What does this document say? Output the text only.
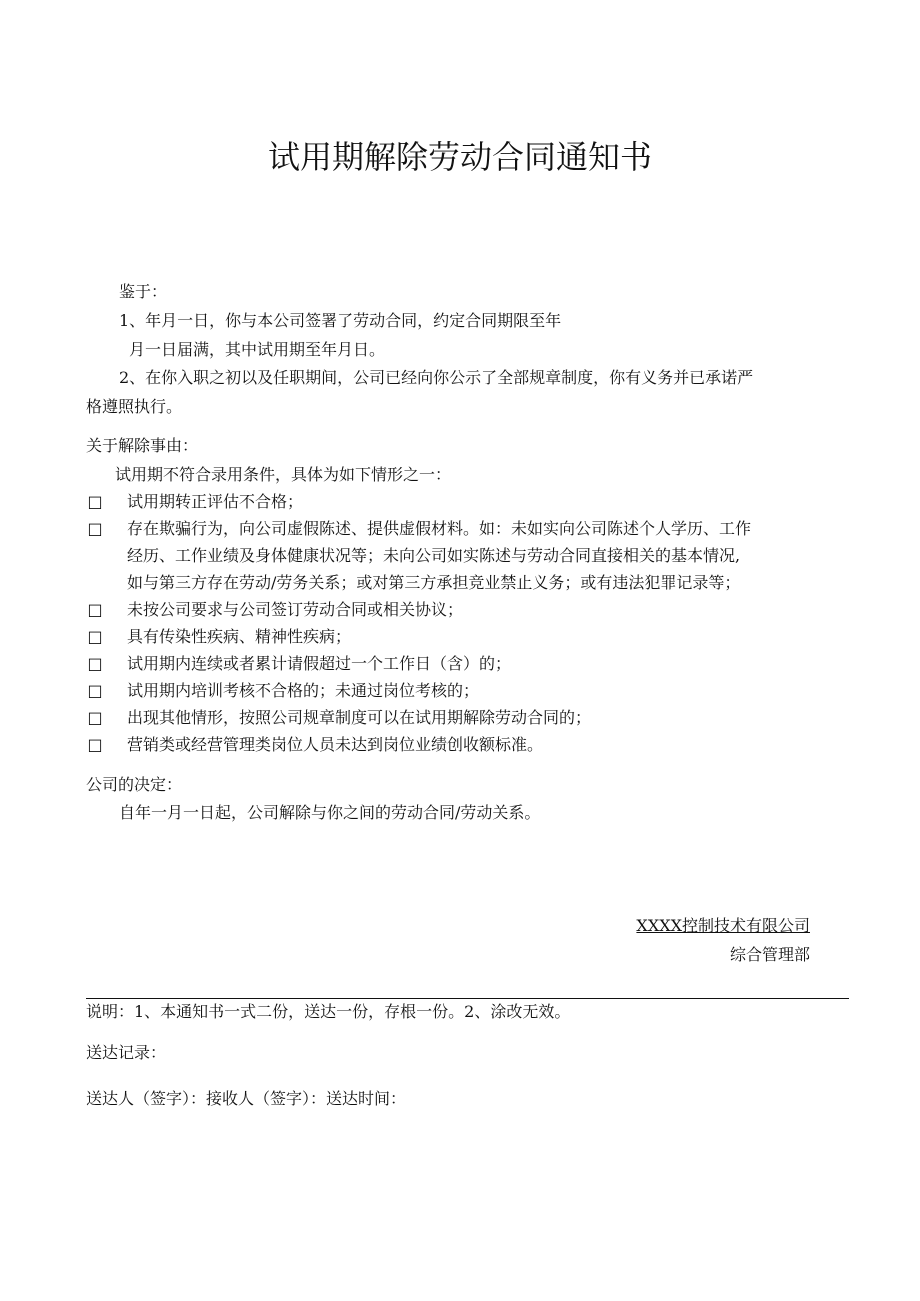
试用期解除劳动合同通知书
鉴于：
1、年月一日，你与本公司签署了劳动合同，约定合同期限至年
月一日届满，其中试用期至年月日。
2、在你入职之初以及任职期间，公司已经向你公示了全部规章制度，你有义务并已承诺严
格遵照执行。
关于解除事由：
试用期不符合录用条件，具体为如下情形之一：
□ 试用期转正评估不合格；
□ 存在欺骗行为，向公司虚假陈述、提供虚假材料。如：未如实向公司陈述个人学历、工作
经历、工作业绩及身体健康状况等；未向公司如实陈述与劳动合同直接相关的基本情况,
如与第三方存在劳动/劳务关系；或对第三方承担竞业禁止义务；或有违法犯罪记录等；
□ 未按公司要求与公司签订劳动合同或相关协议；
□ 具有传染性疾病、精神性疾病；
□ 试用期内连续或者累计请假超过一个工作日（含）的；
□ 试用期内培训考核不合格的；未通过岗位考核的；
□ 出现其他情形，按照公司规章制度可以在试用期解除劳动合同的；
□ 营销类或经营管理类岗位人员未达到岗位业绩创收额标准。
公司的决定：
自年一月一日起，公司解除与你之间的劳动合同/劳动关系。
XXXX控制技术有限公司
综合管理部
说明：1、本通知书一式二份，送达一份，存根一份。2、涂改无效。
送达记录：
送达人（签字）：接收人（签字）：送达时间：
